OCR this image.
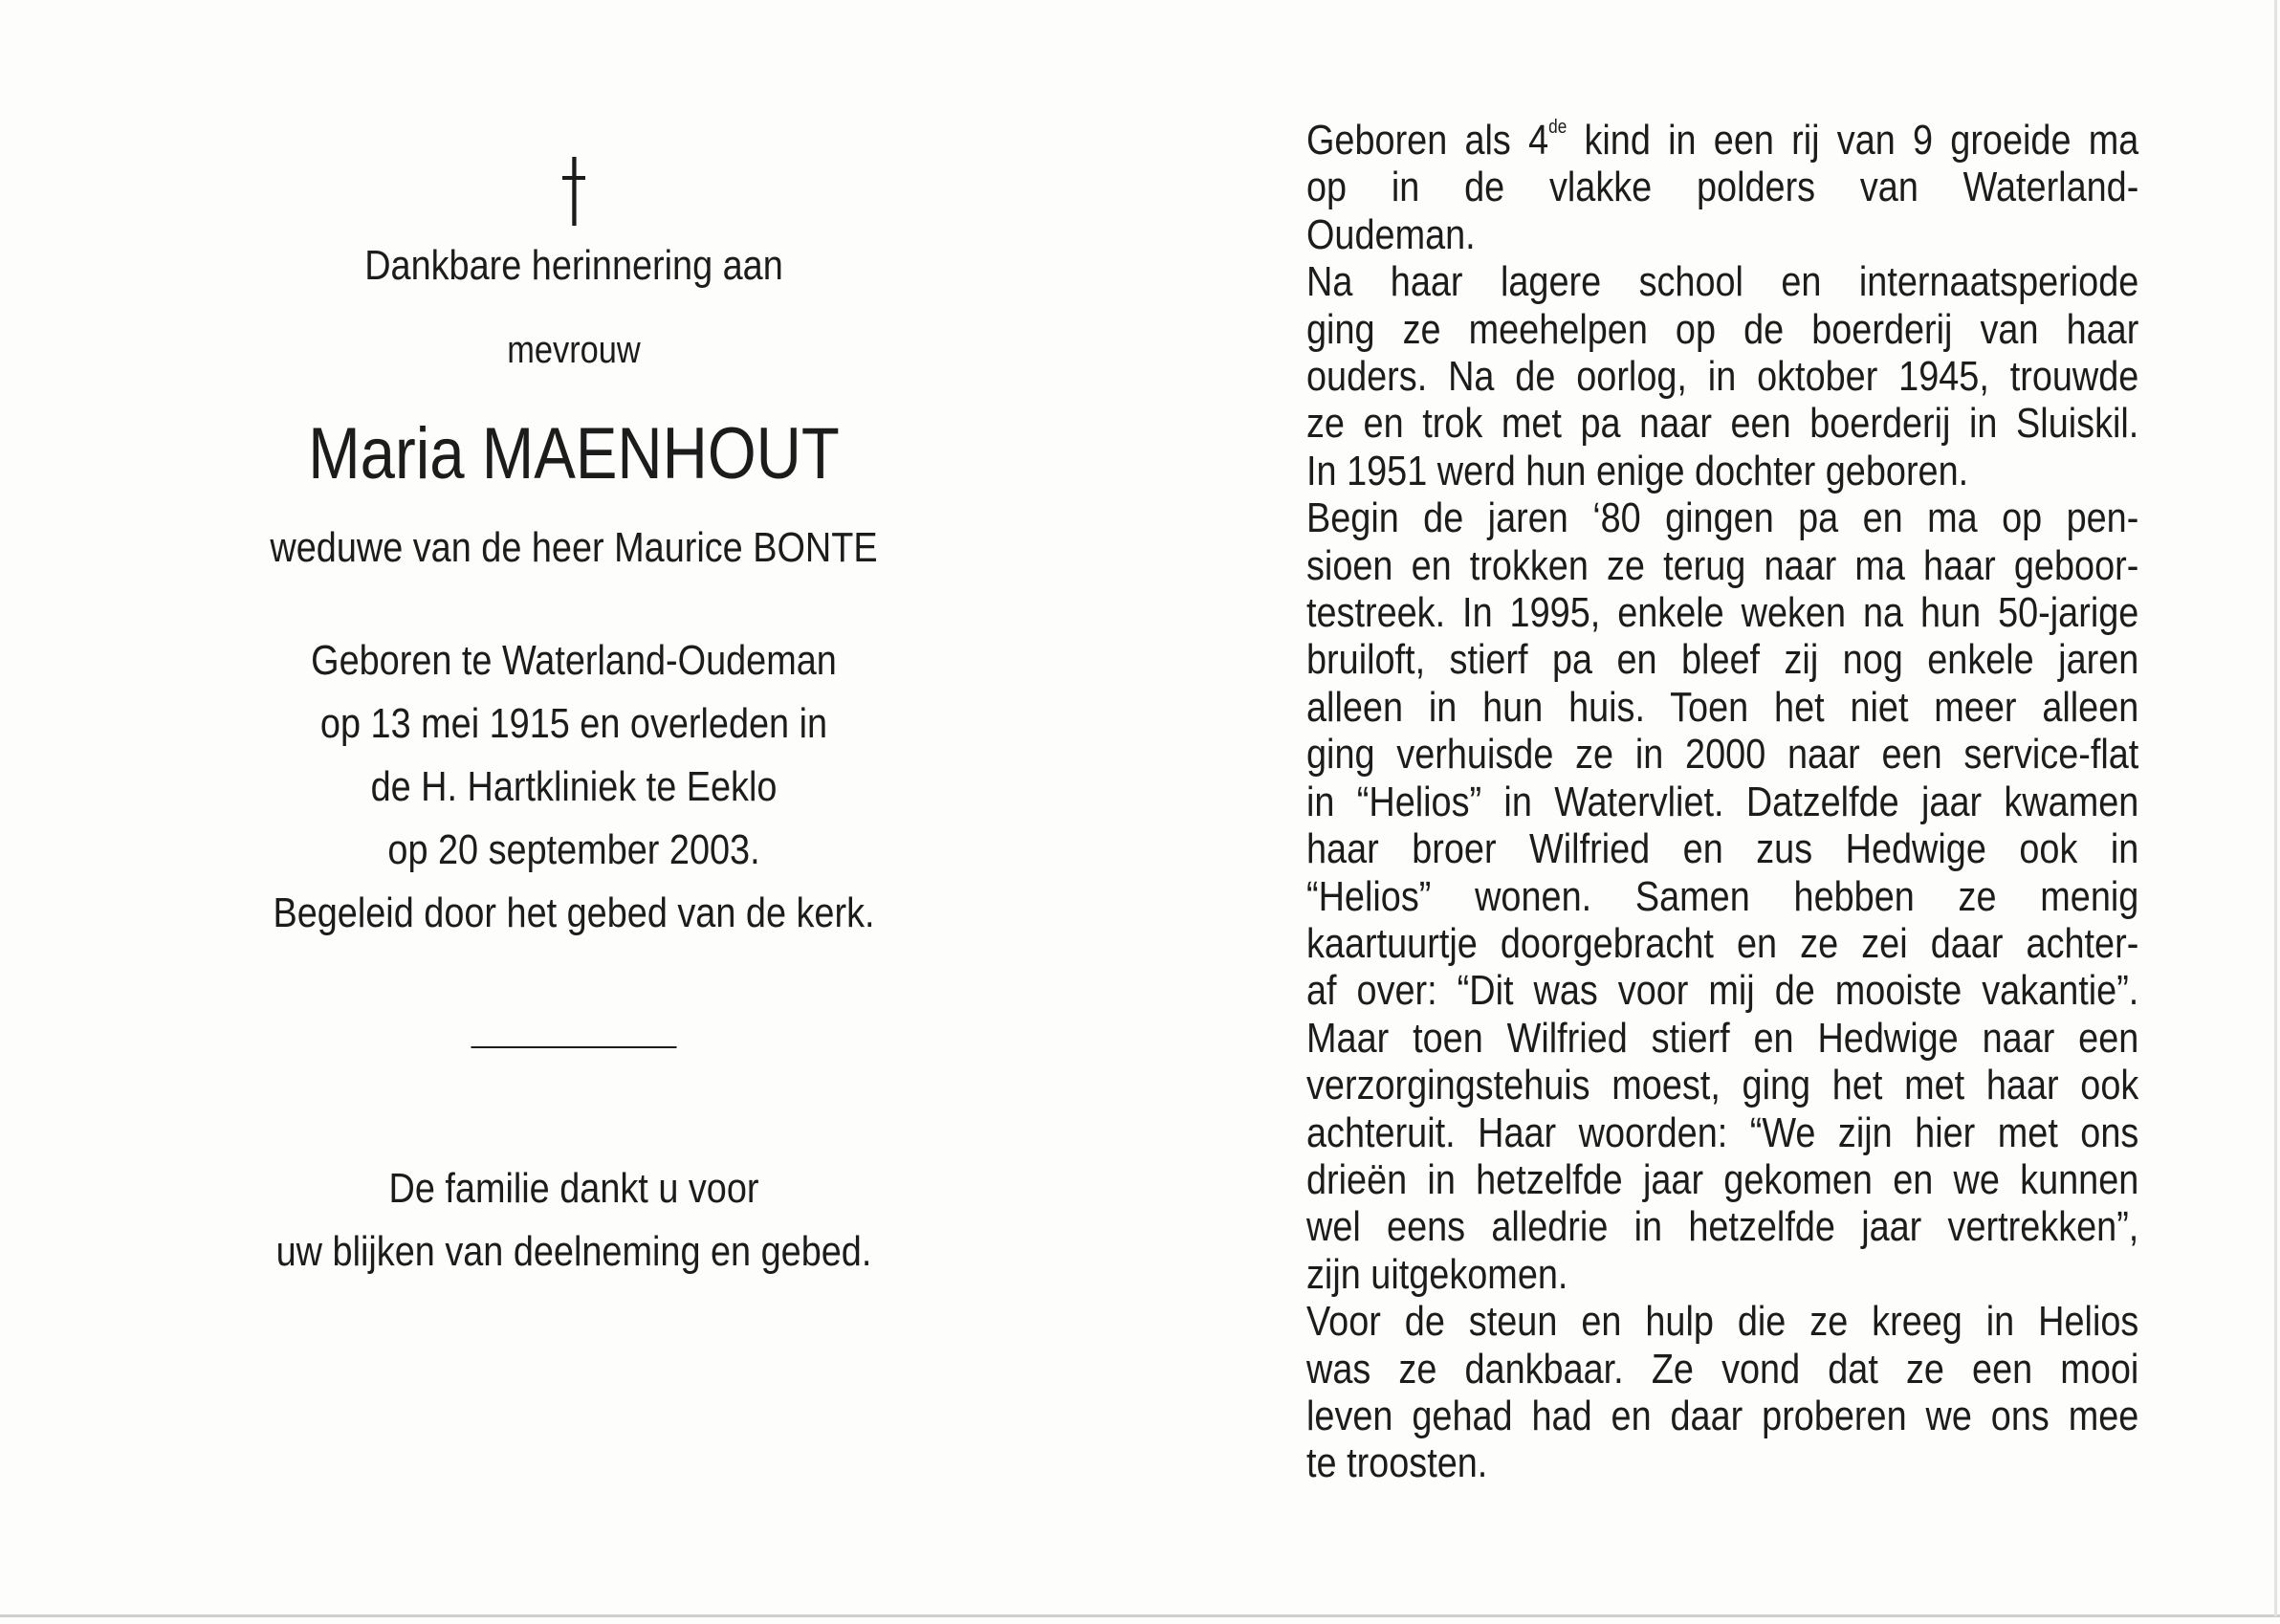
Dankbare herinnering aan
mevrouw
Maria MAENHOUT
weduwe van de heer Maurice BONTE
Geboren te Waterland-Oudeman
op 13 mei 1915 en overleden in
de H. Hartkliniek te Eeklo
op 20 september 2003.
Begeleid door het gebed van de kerk.
De familie dankt u voor
uw blijken van deelneming en gebed.
Geboren als 4de kind in een rij van 9 groeide ma
op in de vlakke polders van Waterland-
Oudeman.
Na haar lagere school en internaatsperiode
ging ze meehelpen op de boerderij van haar
ouders. Na de oorlog, in oktober 1945, trouwde
ze en trok met pa naar een boerderij in Sluiskil.
In 1951 werd hun enige dochter geboren.
Begin de jaren ‘80 gingen pa en ma op pen-
sioen en trokken ze terug naar ma haar geboor-
testreek. In 1995, enkele weken na hun 50-jarige
bruiloft, stierf pa en bleef zij nog enkele jaren
alleen in hun huis. Toen het niet meer alleen
ging verhuisde ze in 2000 naar een service-flat
in “Helios” in Watervliet. Datzelfde jaar kwamen
haar broer Wilfried en zus Hedwige ook in
“Helios” wonen. Samen hebben ze menig
kaartuurtje doorgebracht en ze zei daar achter-
af over: “Dit was voor mij de mooiste vakantie”.
Maar toen Wilfried stierf en Hedwige naar een
verzorgingstehuis moest, ging het met haar ook
achteruit. Haar woorden: “We zijn hier met ons
drieën in hetzelfde jaar gekomen en we kunnen
wel eens alledrie in hetzelfde jaar vertrekken”,
zijn uitgekomen.
Voor de steun en hulp die ze kreeg in Helios
was ze dankbaar. Ze vond dat ze een mooi
leven gehad had en daar proberen we ons mee
te troosten.
